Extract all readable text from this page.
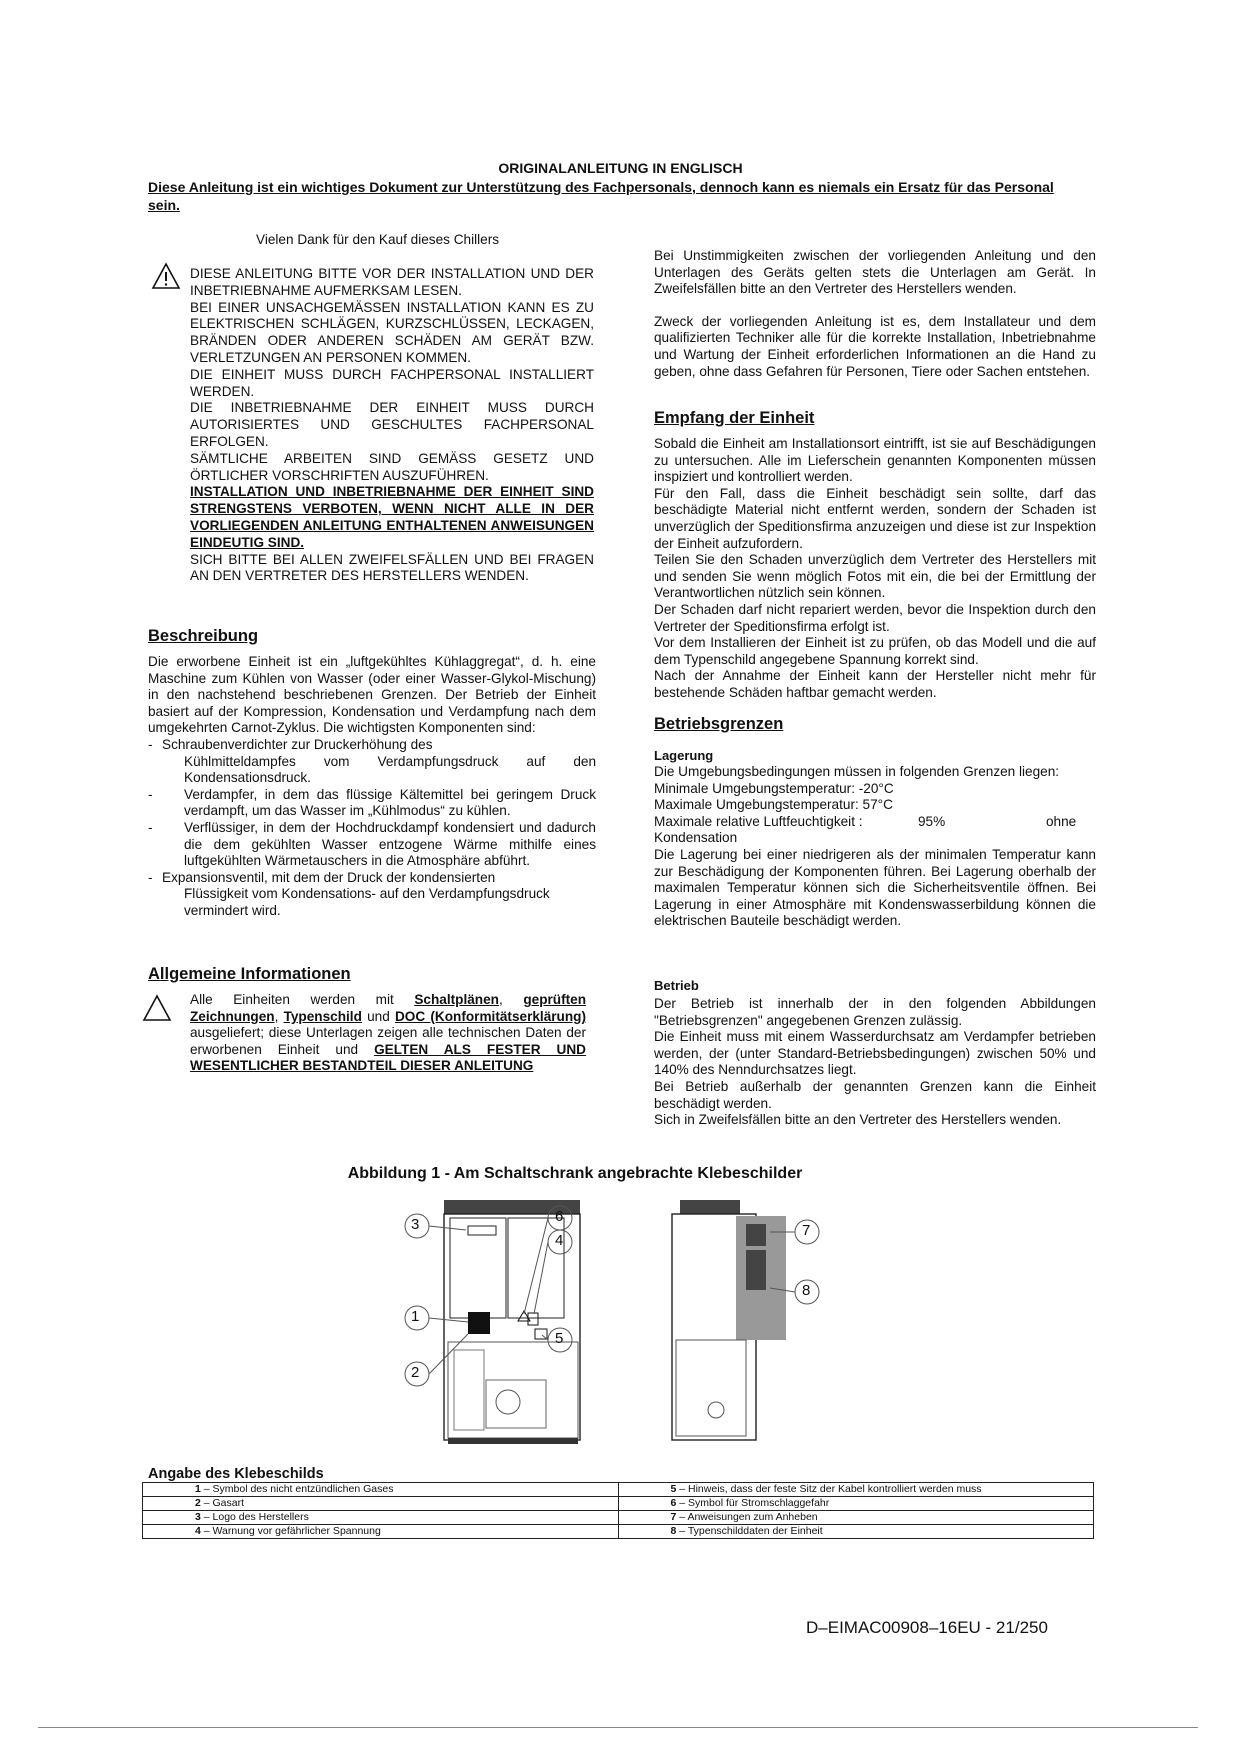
ORIGINALANLEITUNG IN ENGLISCH
Diese Anleitung ist ein wichtiges Dokument zur Unterstützung des Fachpersonals, dennoch kann es niemals ein Ersatz für das Personal sein.
Vielen Dank für den Kauf dieses Chillers

DIESE ANLEITUNG BITTE VOR DER INSTALLATION UND DER INBETRIEBNAHME AUFMERKSAM LESEN.

BEI EINER UNSACHGEMÄSSEN INSTALLATION KANN ES ZU ELEKTRISCHEN SCHLÄGEN, KURZSCHLÜSSEN, LECKAGEN, BRÄNDEN ODER ANDEREN SCHÄDEN AM GERÄT BZW. VERLETZUNGEN AN PERSONEN KOMMEN.

DIE EINHEIT MUSS DURCH FACHPERSONAL INSTALLIERT WERDEN.

DIE INBETRIEBNAHME DER EINHEIT MUSS DURCH AUTORISIERTES UND GESCHULTES FACHPERSONAL ERFOLGEN.

SÄMTLICHE ARBEITEN SIND GEMÄSS GESETZ UND ÖRTLICHER VORSCHRIFTEN AUSZUFÜHREN.

INSTALLATION UND INBETRIEBNAHME DER EINHEIT SIND STRENGSTENS VERBOTEN, WENN NICHT ALLE IN DER VORLIEGENDEN ANLEITUNG ENTHALTENEN ANWEISUNGEN EINDEUTIG SIND.

SICH BITTE BEI ALLEN ZWEIFELSFÄLLEN UND BEI FRAGEN AN DEN VERTRETER DES HERSTELLERS WENDEN.

Beschreibung

Die erworbene Einheit ist ein „luftgekühltes Kühlaggregat“, d. h. eine Maschine zum Kühlen von Wasser (oder einer Wasser-Glykol-Mischung) in den nachstehend beschriebenen Grenzen. Der Betrieb der Einheit basiert auf der Kompression, Kondensation und Verdampfung nach dem umgekehrten Carnot-Zyklus. Die wichtigsten Komponenten sind:

- Schraubenverdichter zur Druckerhöhung des
Kühlmitteldampfes vom Verdampfungsdruck auf den Kondensationsdruck.
-	Verdampfer, in dem das flüssige Kältemittel bei geringem Druck verdampft, um das Wasser im „Kühlmodus“ zu kühlen.
-	Verflüssiger, in dem der Hochdruckdampf kondensiert und dadurch die dem gekühlten Wasser entzogene Wärme mithilfe eines luftgekühlten Wärmetauschers in die Atmosphäre abführt.
- Expansionsventil, mit dem der Druck der kondensierten
Flüssigkeit vom Kondensations- auf den Verdampfungsdruck vermindert wird.
Allgemeine Informationen
Alle Einheiten werden mit Schaltplänen, geprüften Zeichnungen, Typenschild und DOC (Konformitätserklärung) ausgeliefert; diese Unterlagen zeigen alle technischen Daten der erworbenen Einheit und GELTEN ALS FESTER UND WESENTLICHER BESTANDTEIL DIESER ANLEITUNG

Bei Unstimmigkeiten zwischen der vorliegenden Anleitung und den Unterlagen des Geräts gelten stets die Unterlagen am Gerät. In Zweifelsfällen bitte an den Vertreter des Herstellers wenden.

Zweck der vorliegenden Anleitung ist es, dem Installateur und dem qualifizierten Techniker alle für die korrekte Installation, Inbetriebnahme und Wartung der Einheit erforderlichen Informationen an die Hand zu geben, ohne dass Gefahren für Personen, Tiere oder Sachen entstehen.

Empfang der Einheit

Sobald die Einheit am Installationsort eintrifft, ist sie auf Beschädigungen zu untersuchen. Alle im Lieferschein genannten Komponenten müssen inspiziert und kontrolliert werden.

Für den Fall, dass die Einheit beschädigt sein sollte, darf das beschädigte Material nicht entfernt werden, sondern der Schaden ist unverzüglich der Speditionsfirma anzuzeigen und diese ist zur Inspektion der Einheit aufzufordern.

Teilen Sie den Schaden unverzüglich dem Vertreter des Herstellers mit und senden Sie wenn möglich Fotos mit ein, die bei der Ermittlung der Verantwortlichen nützlich sein können.

Der Schaden darf nicht repariert werden, bevor die Inspektion durch den Vertreter der Speditionsfirma erfolgt ist.

Vor dem Installieren der Einheit ist zu prüfen, ob das Modell und die auf dem Typenschild angegebene Spannung korrekt sind.

Nach der Annahme der Einheit kann der Hersteller nicht mehr für bestehende Schäden haftbar gemacht werden.

Betriebsgrenzen
Lagerung

Die Umgebungsbedingungen müssen in folgenden Grenzen liegen:

Minimale Umgebungstemperatur: -20°C

Maximale Umgebungstemperatur: 57°C

Maximale relative Luftfeuchtigkeit :	95%	ohne

Kondensation

Die Lagerung bei einer niedrigeren als der minimalen Temperatur kann zur Beschädigung der Komponenten führen. Bei Lagerung oberhalb der maximalen Temperatur können sich die Sicherheitsventile öffnen. Bei Lagerung in einer Atmosphäre mit Kondenswasserbildung können die elektrischen Bauteile beschädigt werden.

Betrieb

Der Betrieb ist innerhalb der in den folgenden Abbildungen "Betriebsgrenzen" angegebenen Grenzen zulässig.

Die Einheit muss mit einem Wasserdurchsatz am Verdampfer betrieben werden, der (unter Standard-Betriebsbedingungen) zwischen 50% und 140% des Nenndurchsatzes liegt.

Bei Betrieb außerhalb der genannten Grenzen kann die Einheit beschädigt werden.

Sich in Zweifelsfällen bitte an den Vertreter des Herstellers wenden.

Abbildung 1 - Am Schaltschrank angebrachte Klebeschilder
3
1
2
6
4
5
7
8
Angabe des Klebeschilds
1 – Symbol des nicht entzündlichen Gases	5 – Hinweis, dass der feste Sitz der Kabel kontrolliert werden muss
2 – Gasart	6 – Symbol für Stromschlaggefahr
3 – Logo des Herstellers	7 – Anweisungen zum Anheben
4 – Warnung vor gefährlicher Spannung	8 – Typenschilddaten der Einheit
D–EIMAC00908–16EU - 21/250
